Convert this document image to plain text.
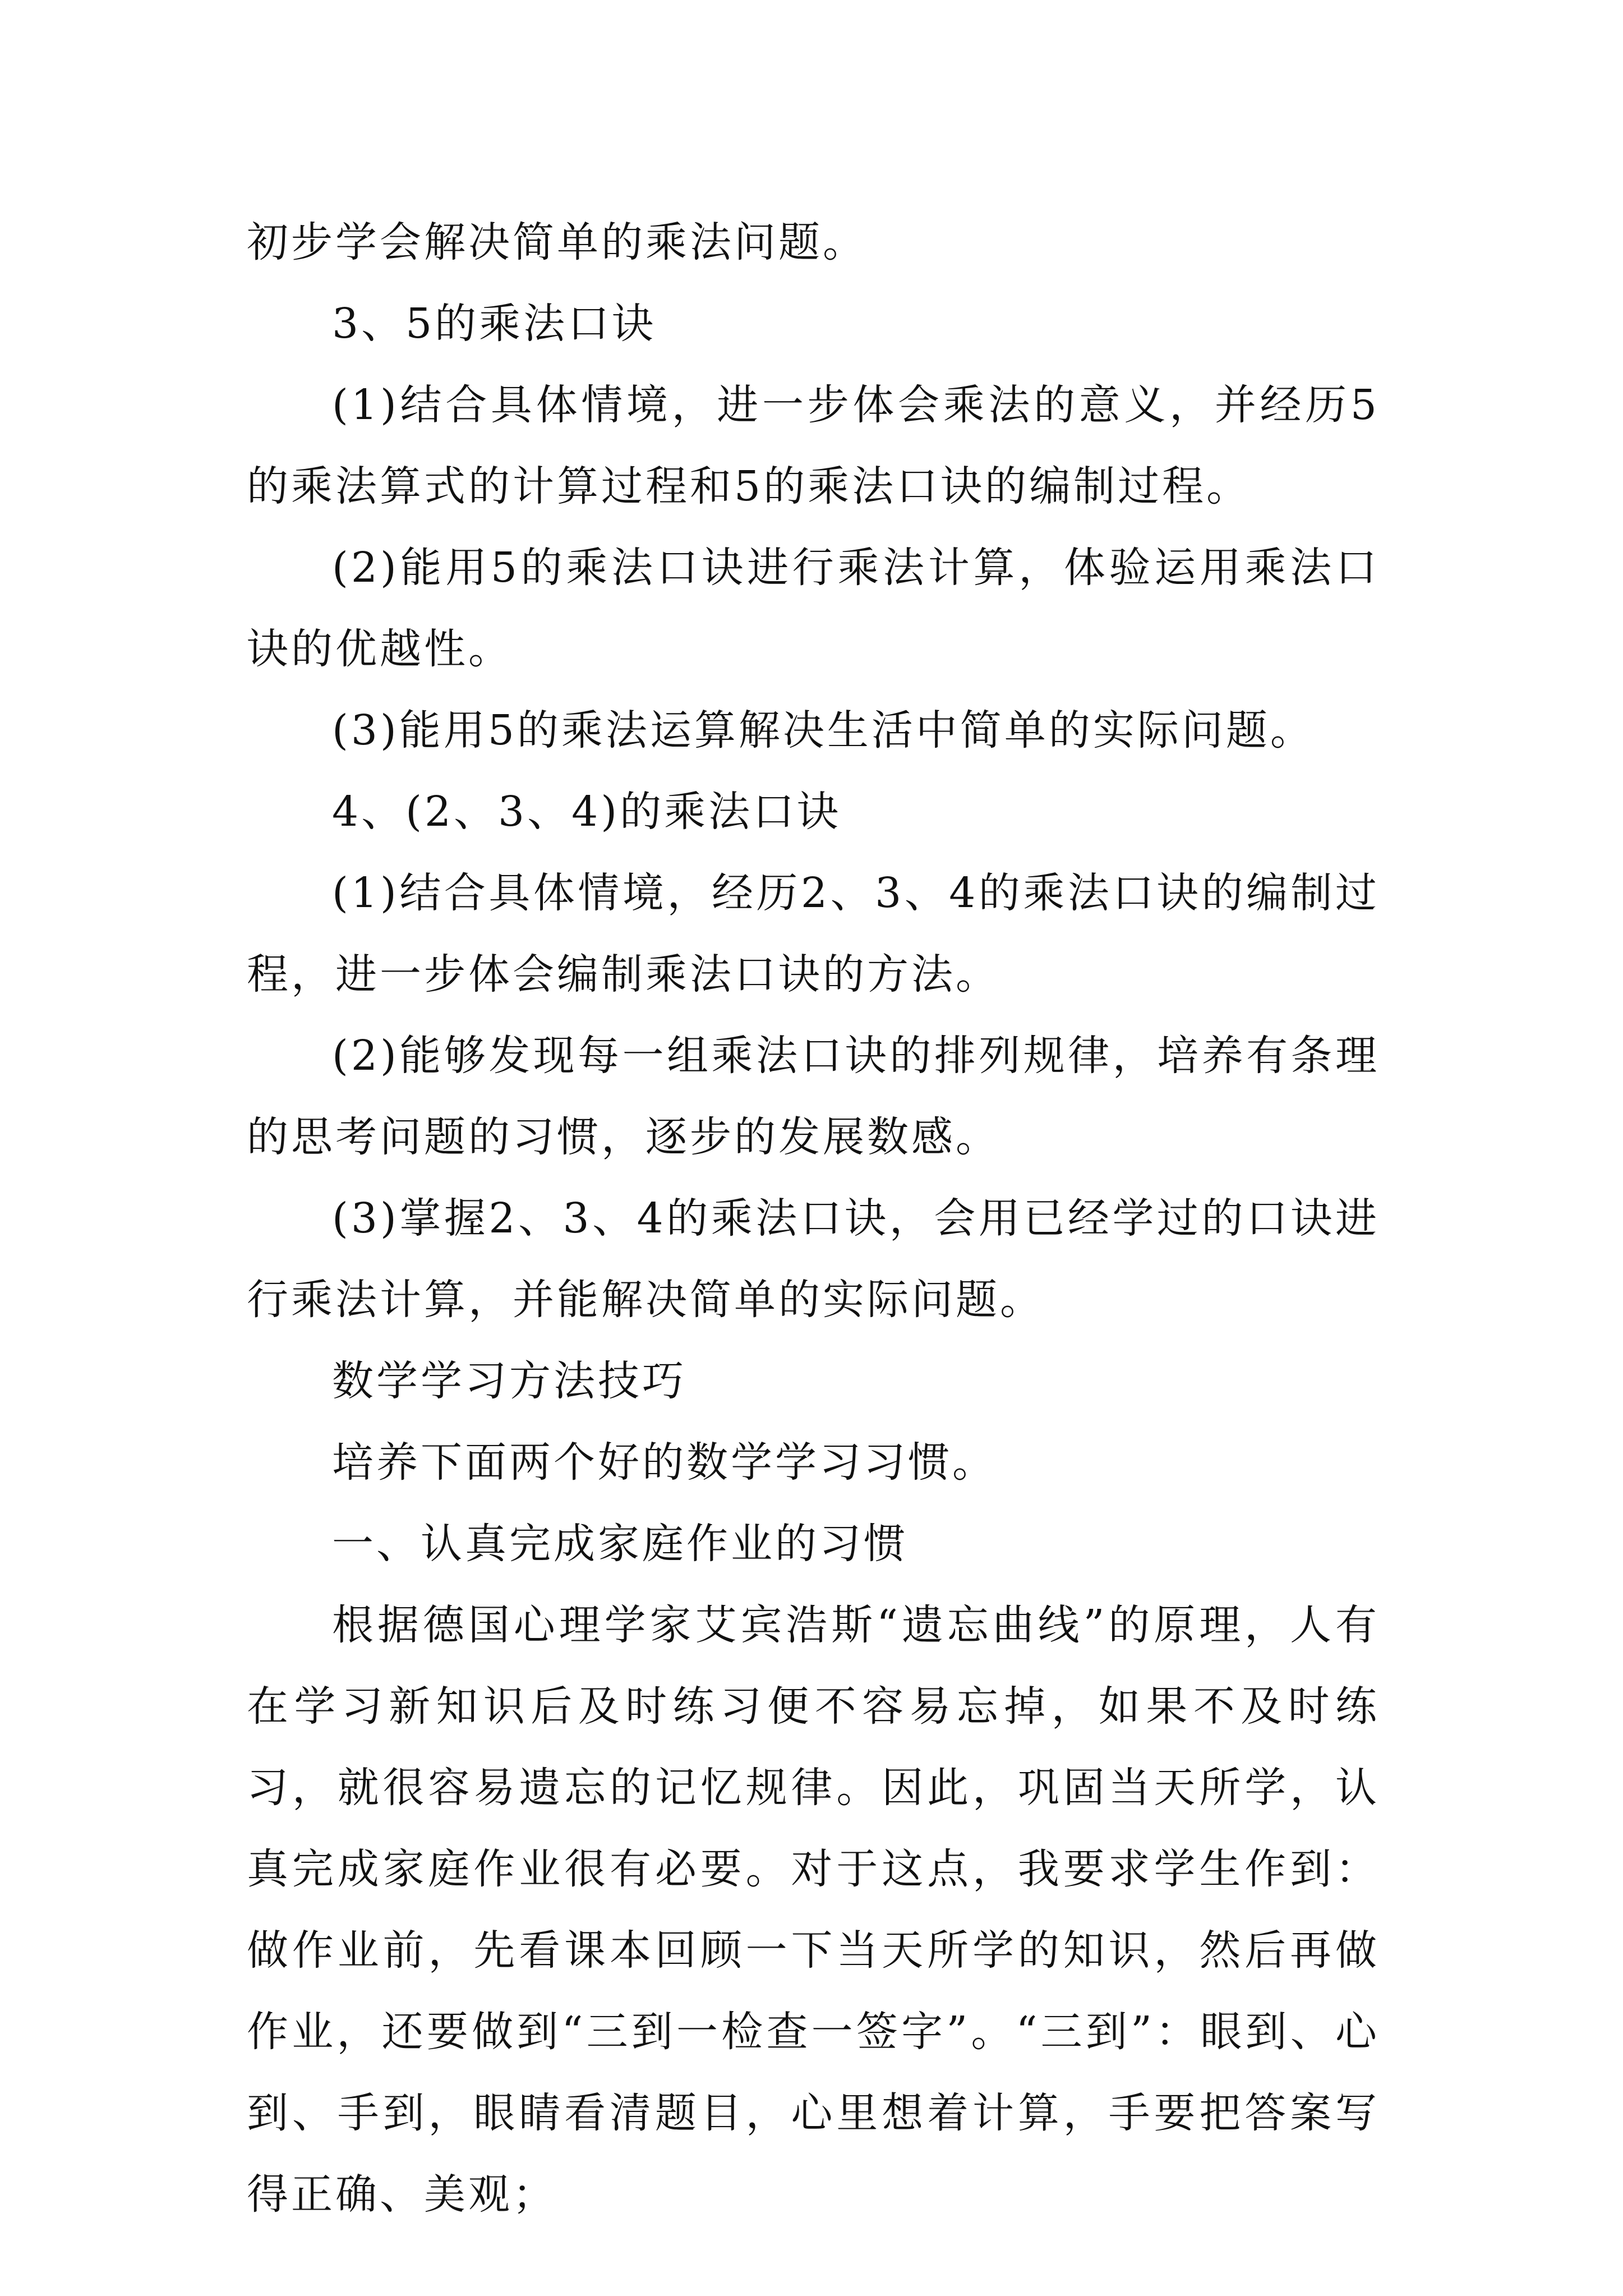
初步学会解决简单的乘法问题。

3、5的乘法口诀

(1)结合具体情境，进一步体会乘法的意义，并经历5的乘法算式的计算过程和5的乘法口诀的编制过程。

(2)能用5的乘法口诀进行乘法计算，体验运用乘法口诀的优越性。

(3)能用5的乘法运算解决生活中简单的实际问题。

4、(2、3、4)的乘法口诀

(1)结合具体情境，经历2、3、4的乘法口诀的编制过程，进一步体会编制乘法口诀的方法。

(2)能够发现每一组乘法口诀的排列规律，培养有条理的思考问题的习惯，逐步的发展数感。

(3)掌握2、3、4的乘法口诀，会用已经学过的口诀进行乘法计算，并能解决简单的实际问题。

数学学习方法技巧

培养下面两个好的数学学习习惯。

一、认真完成家庭作业的习惯

根据德国心理学家艾宾浩斯“遗忘曲线”的原理，人有在学习新知识后及时练习便不容易忘掉，如果不及时练习，就很容易遗忘的记忆规律。因此，巩固当天所学，认真完成家庭作业很有必要。对于这点，我要求学生作到：做作业前，先看课本回顾一下当天所学的知识，然后再做作业，还要做到“三到一检查一签字”。“三到”：眼到、心到、手到，眼睛看清题目，心里想着计算，手要把答案写得正确、美观；
